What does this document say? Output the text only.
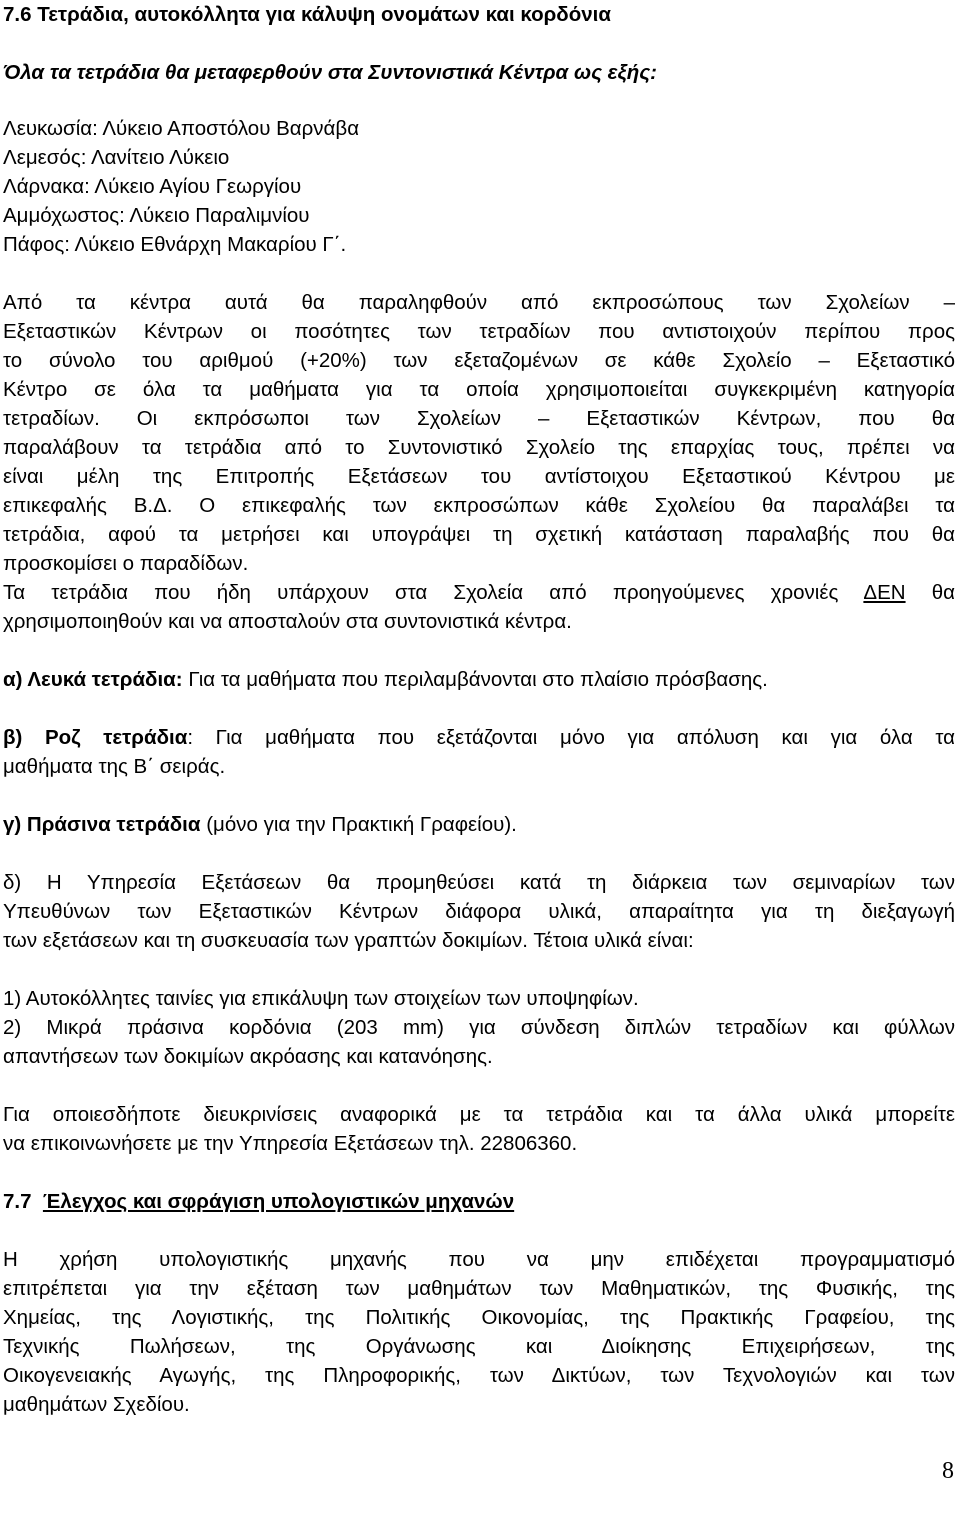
7.6 Τετράδια, αυτοκόλλητα για κάλυψη ονομάτων και κορδόνια

Όλα τα τετράδια θα μεταφερθούν στα Συντονιστικά Κέντρα ως εξής:

Λευκωσία: Λύκειο Αποστόλου Βαρνάβα

Λεμεσός: Λανίτειο Λύκειο

Λάρνακα: Λύκειο Αγίου Γεωργίου

Αμμόχωστος: Λύκειο Παραλιμνίου

Πάφος: Λύκειο Εθνάρχη Μακαρίου Γ΄.

Από τα κέντρα αυτά θα παραληφθούν από εκπροσώπους των Σχολείων –

Εξεταστικών Κέντρων οι ποσότητες των τετραδίων που αντιστοιχούν περίπου προς

το σύνολο του αριθμού (+20%) των εξεταζομένων σε κάθε Σχολείο – Εξεταστικό

Κέντρο σε όλα τα μαθήματα για τα οποία χρησιμοποιείται συγκεκριμένη κατηγορία

τετραδίων. Οι εκπρόσωποι των Σχολείων – Εξεταστικών Κέντρων, που θα

παραλάβουν τα τετράδια από το Συντονιστικό Σχολείο της επαρχίας τους, πρέπει να

είναι μέλη της Επιτροπής Εξετάσεων του αντίστοιχου Εξεταστικού Κέντρου με

επικεφαλής Β.Δ. Ο επικεφαλής των εκπροσώπων κάθε Σχολείου θα παραλάβει τα

τετράδια, αφού τα μετρήσει και υπογράψει τη σχετική κατάσταση παραλαβής που θα

προσκομίσει ο παραδίδων.

Τα τετράδια που ήδη υπάρχουν στα Σχολεία από προηγούμενες χρονιές ΔΕΝ θα

χρησιμοποιηθούν και να αποσταλούν στα συντονιστικά κέντρα.

α) Λευκά τετράδια: Για τα μαθήματα που περιλαμβάνονται στο πλαίσιο πρόσβασης.

β) Ροζ τετράδια: Για μαθήματα που εξετάζονται μόνο για απόλυση και για όλα τα

μαθήματα της Β΄ σειράς.

γ) Πράσινα τετράδια (μόνο για την Πρακτική Γραφείου).

δ) Η Υπηρεσία Εξετάσεων θα προμηθεύσει κατά τη διάρκεια των σεμιναρίων των

Υπευθύνων των Εξεταστικών Κέντρων διάφορα υλικά, απαραίτητα για τη διεξαγωγή

των εξετάσεων και τη συσκευασία των γραπτών δοκιμίων. Τέτοια υλικά είναι:

1) Αυτοκόλλητες ταινίες για επικάλυψη των στοιχείων των υποψηφίων.

2) Μικρά πράσινα κορδόνια (203 mm) για σύνδεση διπλών τετραδίων και φύλλων

απαντήσεων των δοκιμίων ακρόασης και κατανόησης.

Για οποιεσδήποτε διευκρινίσεις αναφορικά με τα τετράδια και τα άλλα υλικά μπορείτε

να επικοινωνήσετε με την Υπηρεσία Εξετάσεων τηλ. 22806360.

7.7 Έλεγχος και σφράγιση υπολογιστικών μηχανών

Η χρήση υπολογιστικής μηχανής που να μην επιδέχεται προγραμματισμό

επιτρέπεται για την εξέταση των μαθημάτων των Μαθηματικών, της Φυσικής, της

Χημείας, της Λογιστικής, της Πολιτικής Οικονομίας, της Πρακτικής Γραφείου, της

Τεχνικής Πωλήσεων, της Οργάνωσης και Διοίκησης Επιχειρήσεων, της

Οικογενειακής Αγωγής, της Πληροφορικής, των Δικτύων, των Τεχνολογιών και των

μαθημάτων Σχεδίου.

8
